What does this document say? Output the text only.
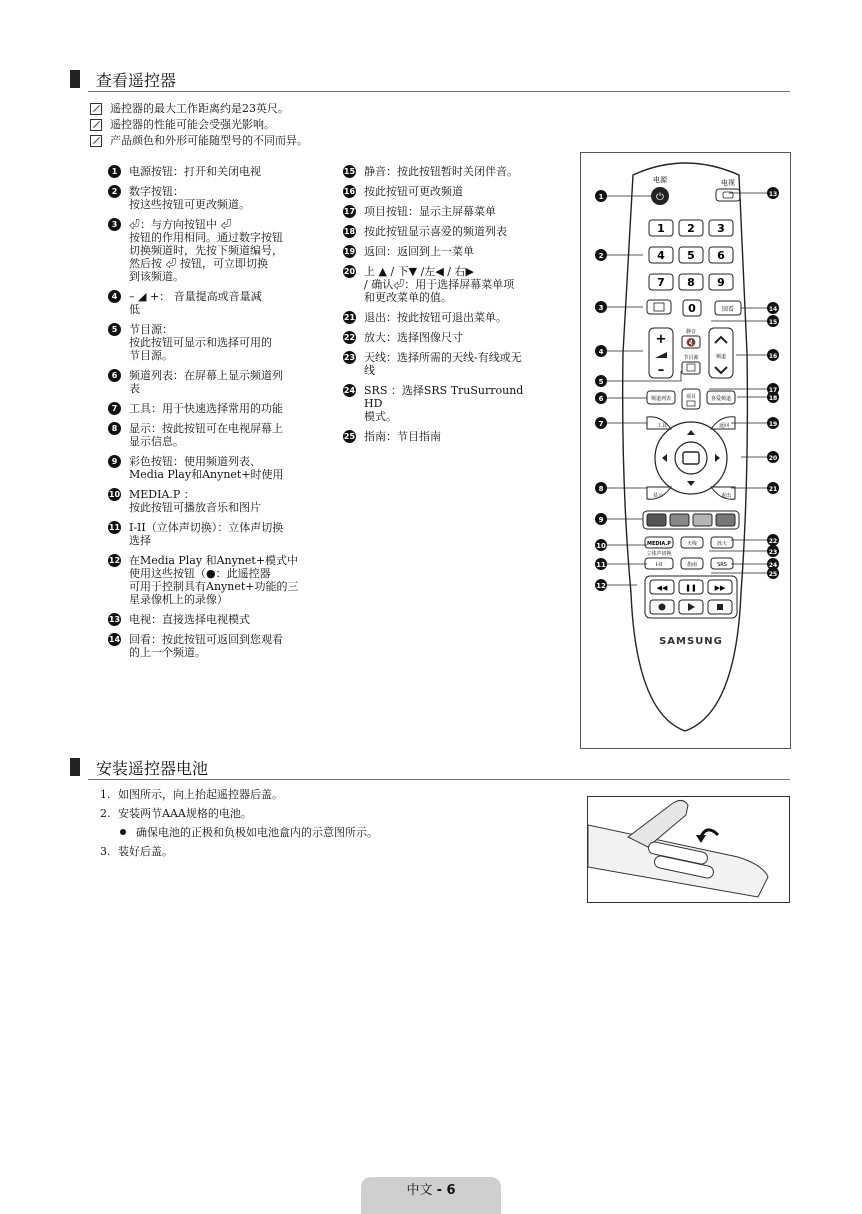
查看遥控器
遥控器的最大工作距离约是23英尺。
遥控器的性能可能会受强光影响。
产品颜色和外形可能随型号的不同而异。
1	电源按钮：打开和关闭电视
2	数字按钮：
按这些按钮可更改频道。
3	⏎：与方向按钮中 ⏎
按钮的作用相同。通过数字按钮
切换频道时，先按下频道编号，
然后按 ⏎ 按钮，可立即切换
到该频道。
4	– ◢ +： 音量提高或音量减
低
5	节目源：
按此按钮可显示和选择可用的
节目源。
6	频道列表：在屏幕上显示频道列
表
7	工具：用于快速选择常用的功能
8	显示：按此按钮可在电视屏幕上
显示信息。
9	彩色按钮：使用频道列表、
Media Play和Anynet+时使用
10 MEDIA.P ：
按此按钮可播放音乐和图片
11 I-II（立体声切换）：立体声切换
选择
12 在Media Play 和Anynet+模式中
使用这些按钮（●：此遥控器
可用于控制具有Anynet+功能的三
星录像机上的录像）
13 电视：直接选择电视模式
14 回看：按此按钮可返回到您观看
的上一个频道。
15 静音：按此按钮暂时关闭伴音。
16 按此按钮可更改频道
17 项目按钮：显示主屏幕菜单
18 按此按钮显示喜爱的频道列表
19 返回：返回到上一菜单
20 上 ▲ / 下▼ /左◀ / 右▶
/ 确认⏎：用于选择屏幕菜单项
和更改菜单的值。
21 退出：按此按钮可退出菜单。
22 放大：选择图像尺寸
23 天线：选择所需的天线-有线或无
线
24 SRS ：选择SRS TruSurround HD
模式。
25 指南：节目指南
1
2
3
4
5
6
7
8
9
10
11
12
13
14
15
16
17
18
19
20
21
22
23
24
25
电源
⏻
电视
1 2 3
4 5 6
7 8 9
0	回看
+
–
静音
🔇
节目源	频道
频道列表	项目	喜爱频道
工具	返回
显示	退出
MEDIA.P	天线	放大
立体声切换
I-II	指南	SRS
◀◀	❚❚	▶▶
SAMSUNG
安装遥控器电池
1. 如图所示，向上抬起遥控器后盖。
2. 安装两节AAA规格的电池。
确保电池的正极和负极如电池盒内的示意图所示。
3. 装好后盖。
中文 - 6
